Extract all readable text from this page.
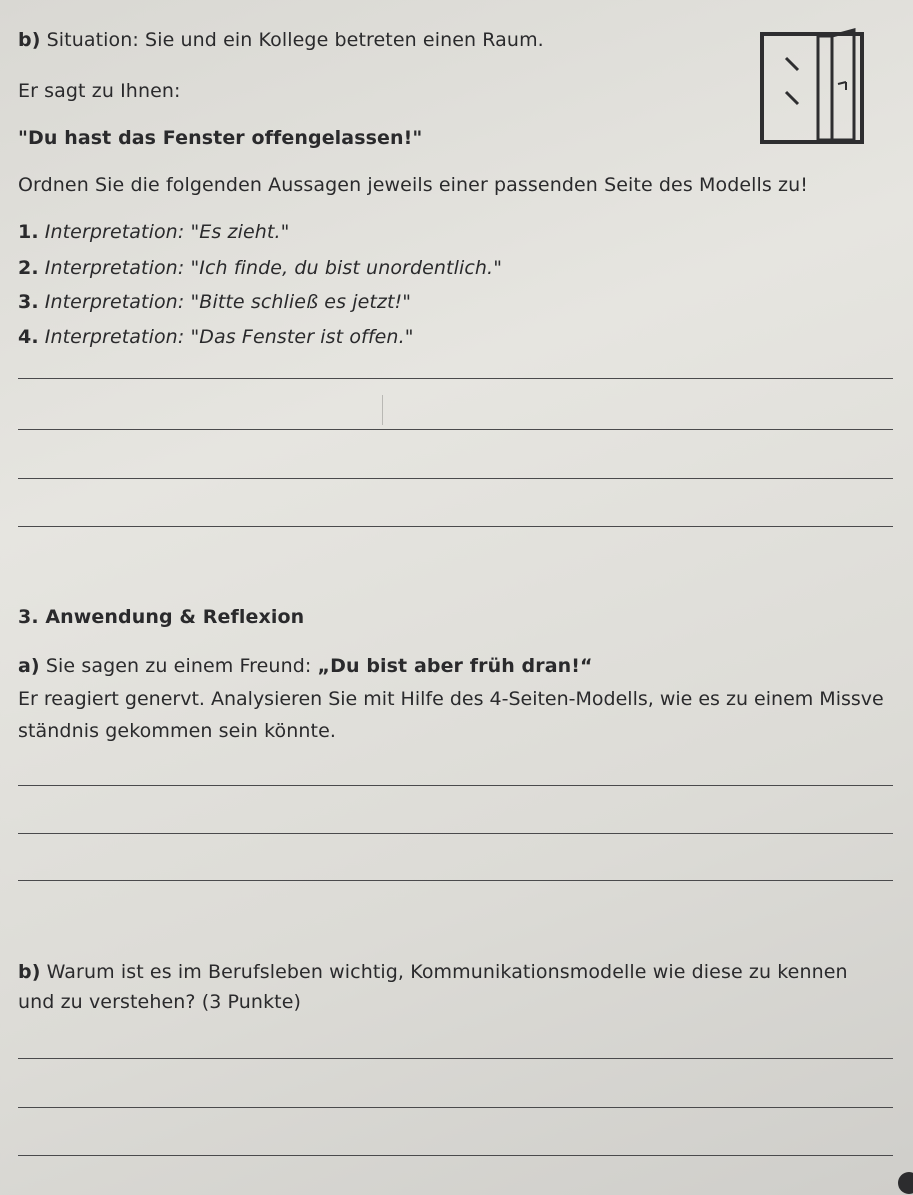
b) Situation: Sie und ein Kollege betreten einen Raum.
Er sagt zu Ihnen:
"Du hast das Fenster offengelassen!"
Ordnen Sie die folgenden Aussagen jeweils einer passenden Seite des Modells zu!
1. Interpretation: "Es zieht."
2. Interpretation: "Ich finde, du bist unordentlich."
3. Interpretation: "Bitte schließ es jetzt!"
4. Interpretation: "Das Fenster ist offen."
3. Anwendung & Reflexion
a) Sie sagen zu einem Freund: „Du bist aber früh dran!“
Er reagiert genervt. Analysieren Sie mit Hilfe des 4-Seiten-Modells, wie es zu einem Missve
ständnis gekommen sein könnte.
b) Warum ist es im Berufsleben wichtig, Kommunikationsmodelle wie diese zu kennen
und zu verstehen? (3 Punkte)
